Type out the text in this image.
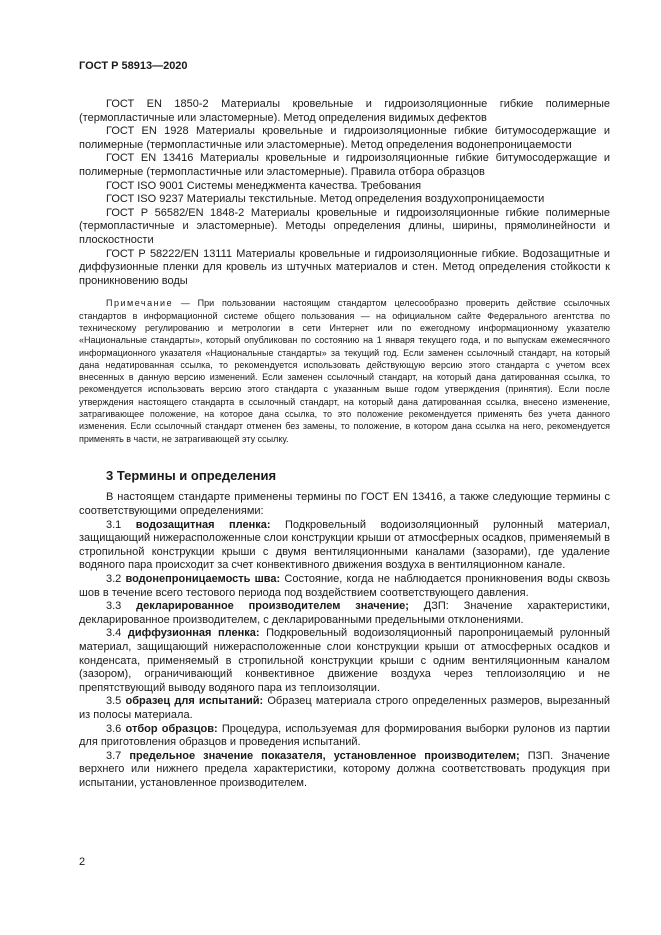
ГОСТ Р 58913—2020

ГОСТ EN 1850-2 Материалы кровельные и гидроизоляционные гибкие полимерные (термопластичные или эластомерные). Метод определения видимых дефектов

ГОСТ EN 1928 Материалы кровельные и гидроизоляционные гибкие битумосодержащие и полимерные (термопластичные или эластомерные). Метод определения водонепроницаемости

ГОСТ EN 13416 Материалы кровельные и гидроизоляционные гибкие битумосодержащие и полимерные (термопластичные или эластомерные). Правила отбора образцов

ГОСТ ISO 9001 Системы менеджмента качества. Требования

ГОСТ ISO 9237 Материалы текстильные. Метод определения воздухопроницаемости

ГОСТ Р 56582/EN 1848-2 Материалы кровельные и гидроизоляционные гибкие полимерные (термопластичные и эластомерные). Методы определения длины, ширины, прямолинейности и плоскостности

ГОСТ Р 58222/EN 13111 Материалы кровельные и гидроизоляционные гибкие. Водозащитные и диффузионные пленки для кровель из штучных материалов и стен. Метод определения стойкости к проникновению воды

Примечание — При пользовании настоящим стандартом целесообразно проверить действие ссылочных стандартов в информационной системе общего пользования — на официальном сайте Федерального агентства по техническому регулированию и метрологии в сети Интернет или по ежегодному информационному указателю «Национальные стандарты», который опубликован по состоянию на 1 января текущего года, и по выпускам ежемесячного информационного указателя «Национальные стандарты» за текущий год. Если заменен ссылочный стандарт, на который дана недатированная ссылка, то рекомендуется использовать действующую версию этого стандарта с учетом всех внесенных в данную версию изменений. Если заменен ссылочный стандарт, на который дана датированная ссылка, то рекомендуется использовать версию этого стандарта с указанным выше годом утверждения (принятия). Если после утверждения настоящего стандарта в ссылочный стандарт, на который дана датированная ссылка, внесено изменение, затрагивающее положение, на которое дана ссылка, то это положение рекомендуется применять без учета данного изменения. Если ссылочный стандарт отменен без замены, то положение, в котором дана ссылка на него, рекомендуется применять в части, не затрагивающей эту ссылку.
3 Термины и определения

В настоящем стандарте применены термины по ГОСТ EN 13416, а также следующие термины с соответствующими определениями:

3.1 водозащитная пленка: Подкровельный водоизоляционный рулонный материал, защищающий нижерасположенные слои конструкции крыши от атмосферных осадков, применяемый в стропильной конструкции крыши с двумя вентиляционными каналами (зазорами), где удаление водяного пара происходит за счет конвективного движения воздуха в вентиляционном канале.

3.2 водонепроницаемость шва: Состояние, когда не наблюдается проникновения воды сквозь шов в течение всего тестового периода под воздействием соответствующего давления.

3.3 декларированное производителем значение; ДЗП: Значение характеристики, декларированное производителем, с декларированными предельными отклонениями.

3.4 диффузионная пленка: Подкровельный водоизоляционный паропроницаемый рулонный материал, защищающий нижерасположенные слои конструкции крыши от атмосферных осадков и конденсата, применяемый в стропильной конструкции крыши с одним вентиляционным каналом (зазором), ограничивающий конвективное движение воздуха через теплоизоляцию и не препятствующий выводу водяного пара из теплоизоляции.

3.5 образец для испытаний: Образец материала строго определенных размеров, вырезанный из полосы материала.

3.6 отбор образцов: Процедура, используемая для формирования выборки рулонов из партии для приготовления образцов и проведения испытаний.

3.7 предельное значение показателя, установленное производителем; ПЗП. Значение верхнего или нижнего предела характеристики, которому должна соответствовать продукция при испытании, установленное производителем.

2
